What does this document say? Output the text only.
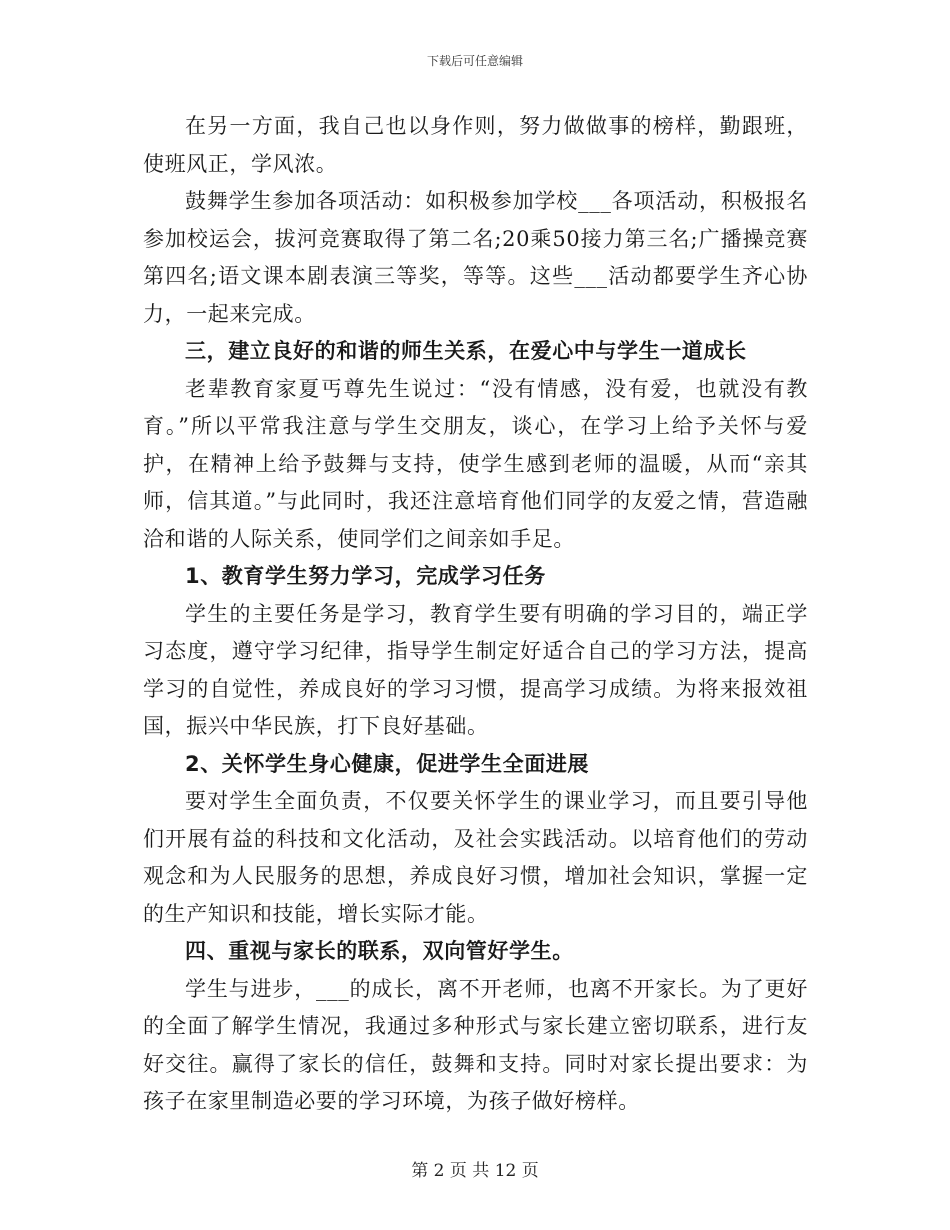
下载后可任意编辑

在另一方面，我自己也以身作则，努力做做事的榜样，勤跟班，使班风正，学风浓。

鼓舞学生参加各项活动：如积极参加学校___各项活动，积极报名参加校运会，拔河竞赛取得了第二名;20乘50接力第三名;广播操竞赛第四名;语文课本剧表演三等奖，等等。这些___活动都要学生齐心协力，一起来完成。

三，建立良好的和谐的师生关系，在爱心中与学生一道成长

老辈教育家夏丐尊先生说过：“没有情感，没有爱，也就没有教育。”所以平常我注意与学生交朋友，谈心，在学习上给予关怀与爱护，在精神上给予鼓舞与支持，使学生感到老师的温暖，从而“亲其师，信其道。”与此同时，我还注意培育他们同学的友爱之情，营造融洽和谐的人际关系，使同学们之间亲如手足。

1、教育学生努力学习，完成学习任务

学生的主要任务是学习，教育学生要有明确的学习目的，端正学习态度，遵守学习纪律，指导学生制定好适合自己的学习方法，提高学习的自觉性，养成良好的学习习惯，提高学习成绩。为将来报效祖国，振兴中华民族，打下良好基础。

2、关怀学生身心健康，促进学生全面进展

要对学生全面负责，不仅要关怀学生的课业学习，而且要引导他们开展有益的科技和文化活动，及社会实践活动。以培育他们的劳动观念和为人民服务的思想，养成良好习惯，增加社会知识，掌握一定的生产知识和技能，增长实际才能。

四、重视与家长的联系，双向管好学生。

学生与进步，___的成长，离不开老师，也离不开家长。为了更好的全面了解学生情况，我通过多种形式与家长建立密切联系，进行友好交往。赢得了家长的信任，鼓舞和支持。同时对家长提出要求：为孩子在家里制造必要的学习环境，为孩子做好榜样。

第 2 页 共 12 页
